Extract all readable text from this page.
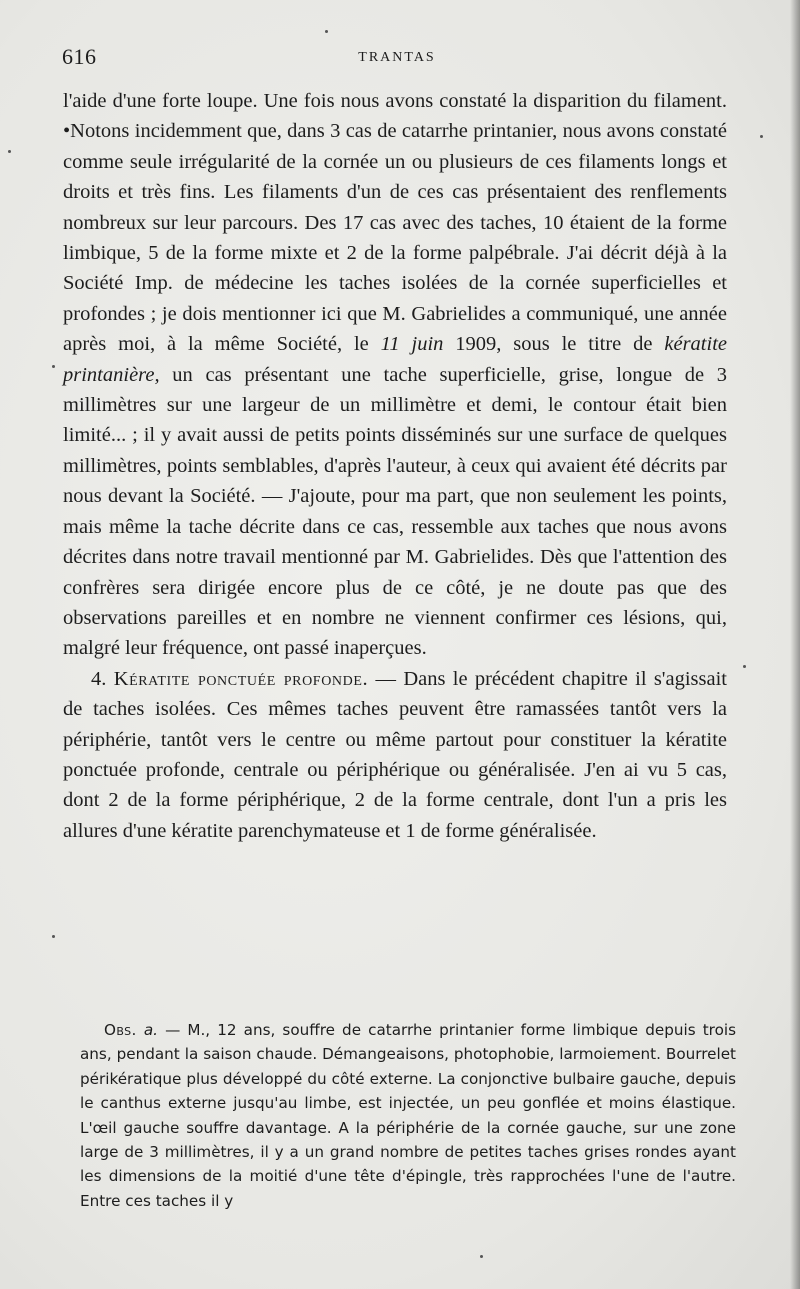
616	TRANTAS

l'aide d'une forte loupe. Une fois nous avons constaté la disparition du filament. •Notons incidemment que, dans 3 cas de catarrhe printanier, nous avons constaté comme seule irrégularité de la cornée un ou plusieurs de ces filaments longs et droits et très fins. Les filaments d'un de ces cas présentaient des renflements nombreux sur leur parcours. Des 17 cas avec des taches, 10 étaient de la forme limbique, 5 de la forme mixte et 2 de la forme palpébrale. J'ai décrit déjà à la Société Imp. de médecine les taches isolées de la cornée superficielles et profondes ; je dois mentionner ici que M. Gabrielides a communiqué, une année après moi, à la même Société, le 11 juin 1909, sous le titre de kératite printanière, un cas présentant une tache superficielle, grise, longue de 3 millimètres sur une largeur de un millimètre et demi, le contour était bien limité... ; il y avait aussi de petits points disséminés sur une surface de quelques millimètres, points semblables, d'après l'auteur, à ceux qui avaient été décrits par nous devant la Société. — J'ajoute, pour ma part, que non seulement les points, mais même la tache décrite dans ce cas, ressemble aux taches que nous avons décrites dans notre travail mentionné par M. Gabrielides. Dès que l'attention des confrères sera dirigée encore plus de ce côté, je ne doute pas que des observations pareilles et en nombre ne viennent confirmer ces lésions, qui, malgré leur fréquence, ont passé inaperçues.

4. Kératite ponctuée profonde. — Dans le précédent chapitre il s'agissait de taches isolées. Ces mêmes taches peuvent être ramassées tantôt vers la périphérie, tantôt vers le centre ou même partout pour constituer la kératite ponctuée profonde, centrale ou périphérique ou généralisée. J'en ai vu 5 cas, dont 2 de la forme périphérique, 2 de la forme centrale, dont l'un a pris les allures d'une kératite parenchymateuse et 1 de forme généralisée.

Obs. a. — M., 12 ans, souffre de catarrhe printanier forme limbique depuis trois ans, pendant la saison chaude. Démangeaisons, photophobie, larmoiement. Bourrelet périkératique plus développé du côté externe. La conjonctive bulbaire gauche, depuis le canthus externe jusqu'au limbe, est injectée, un peu gonflée et moins élastique. L'œil gauche souffre davantage. A la périphérie de la cornée gauche, sur une zone large de 3 millimètres, il y a un grand nombre de petites taches grises rondes ayant les dimensions de la moitié d'une tête d'épingle, très rapprochées l'une de l'autre. Entre ces taches il y
